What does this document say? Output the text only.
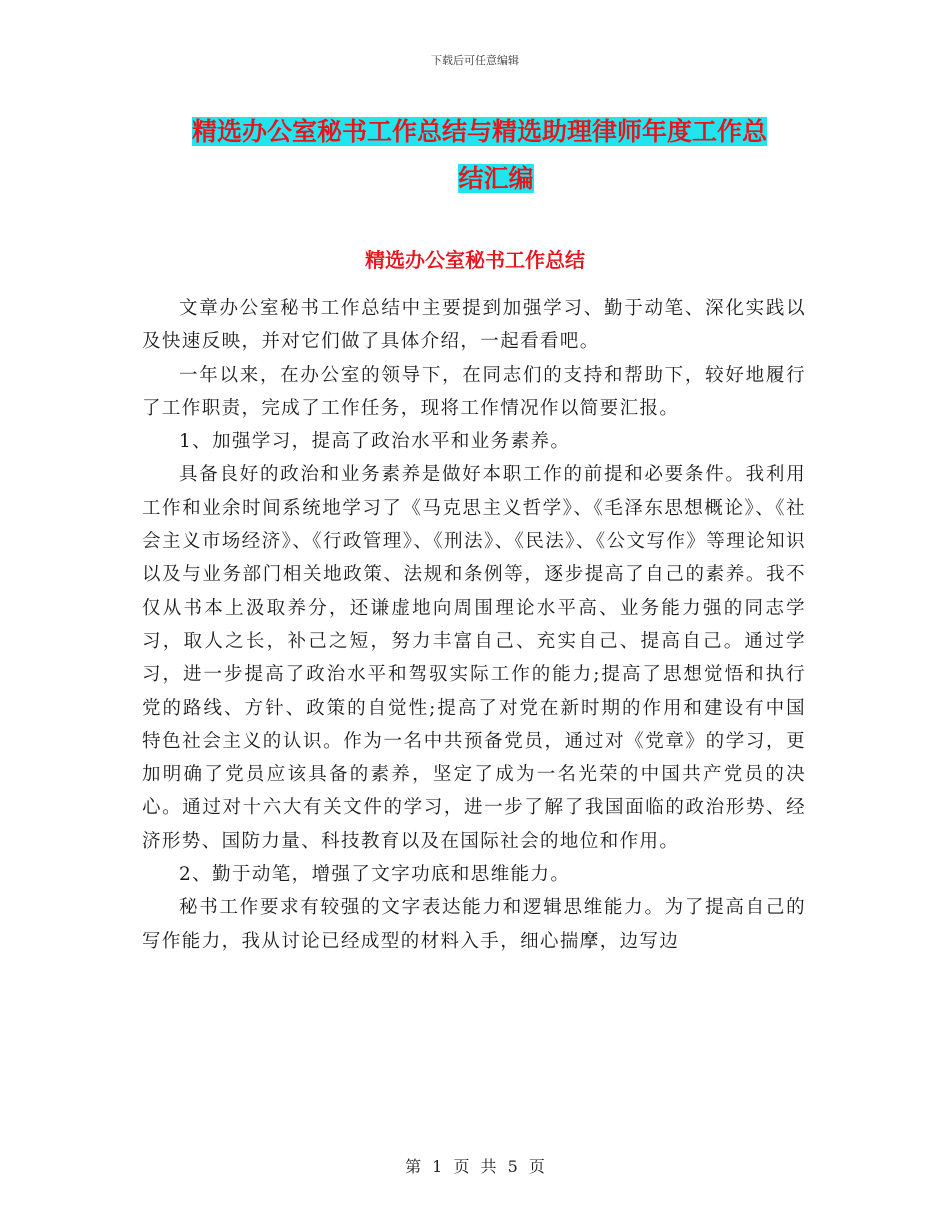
下载后可任意编辑
精选办公室秘书工作总结与精选助理律师年度工作总
结汇编
精选办公室秘书工作总结

文章办公室秘书工作总结中主要提到加强学习、勤于动笔、深化实践以及快速反映，并对它们做了具体介绍，一起看看吧。

一年以来，在办公室的领导下，在同志们的支持和帮助下，较好地履行了工作职责，完成了工作任务，现将工作情况作以简要汇报。

1、加强学习，提高了政治水平和业务素养。

具备良好的政治和业务素养是做好本职工作的前提和必要条件。我利用工作和业余时间系统地学习了《马克思主义哲学》、《毛泽东思想概论》、《社会主义市场经济》、《行政管理》、《刑法》、《民法》、《公文写作》等理论知识以及与业务部门相关地政策、法规和条例等，逐步提高了自己的素养。我不仅从书本上汲取养分，还谦虚地向周围理论水平高、业务能力强的同志学习，取人之长，补己之短，努力丰富自己、充实自己、提高自己。通过学习，进一步提高了政治水平和驾驭实际工作的能力;提高了思想觉悟和执行党的路线、方针、政策的自觉性;提高了对党在新时期的作用和建设有中国特色社会主义的认识。作为一名中共预备党员，通过对《党章》的学习，更加明确了党员应该具备的素养，坚定了成为一名光荣的中国共产党员的决心。通过对十六大有关文件的学习，进一步了解了我国面临的政治形势、经济形势、国防力量、科技教育以及在国际社会的地位和作用。

2、勤于动笔，增强了文字功底和思维能力。

秘书工作要求有较强的文字表达能力和逻辑思维能力。为了提高自己的写作能力，我从讨论已经成型的材料入手，细心揣摩，边写边

第 1 页 共 5 页
